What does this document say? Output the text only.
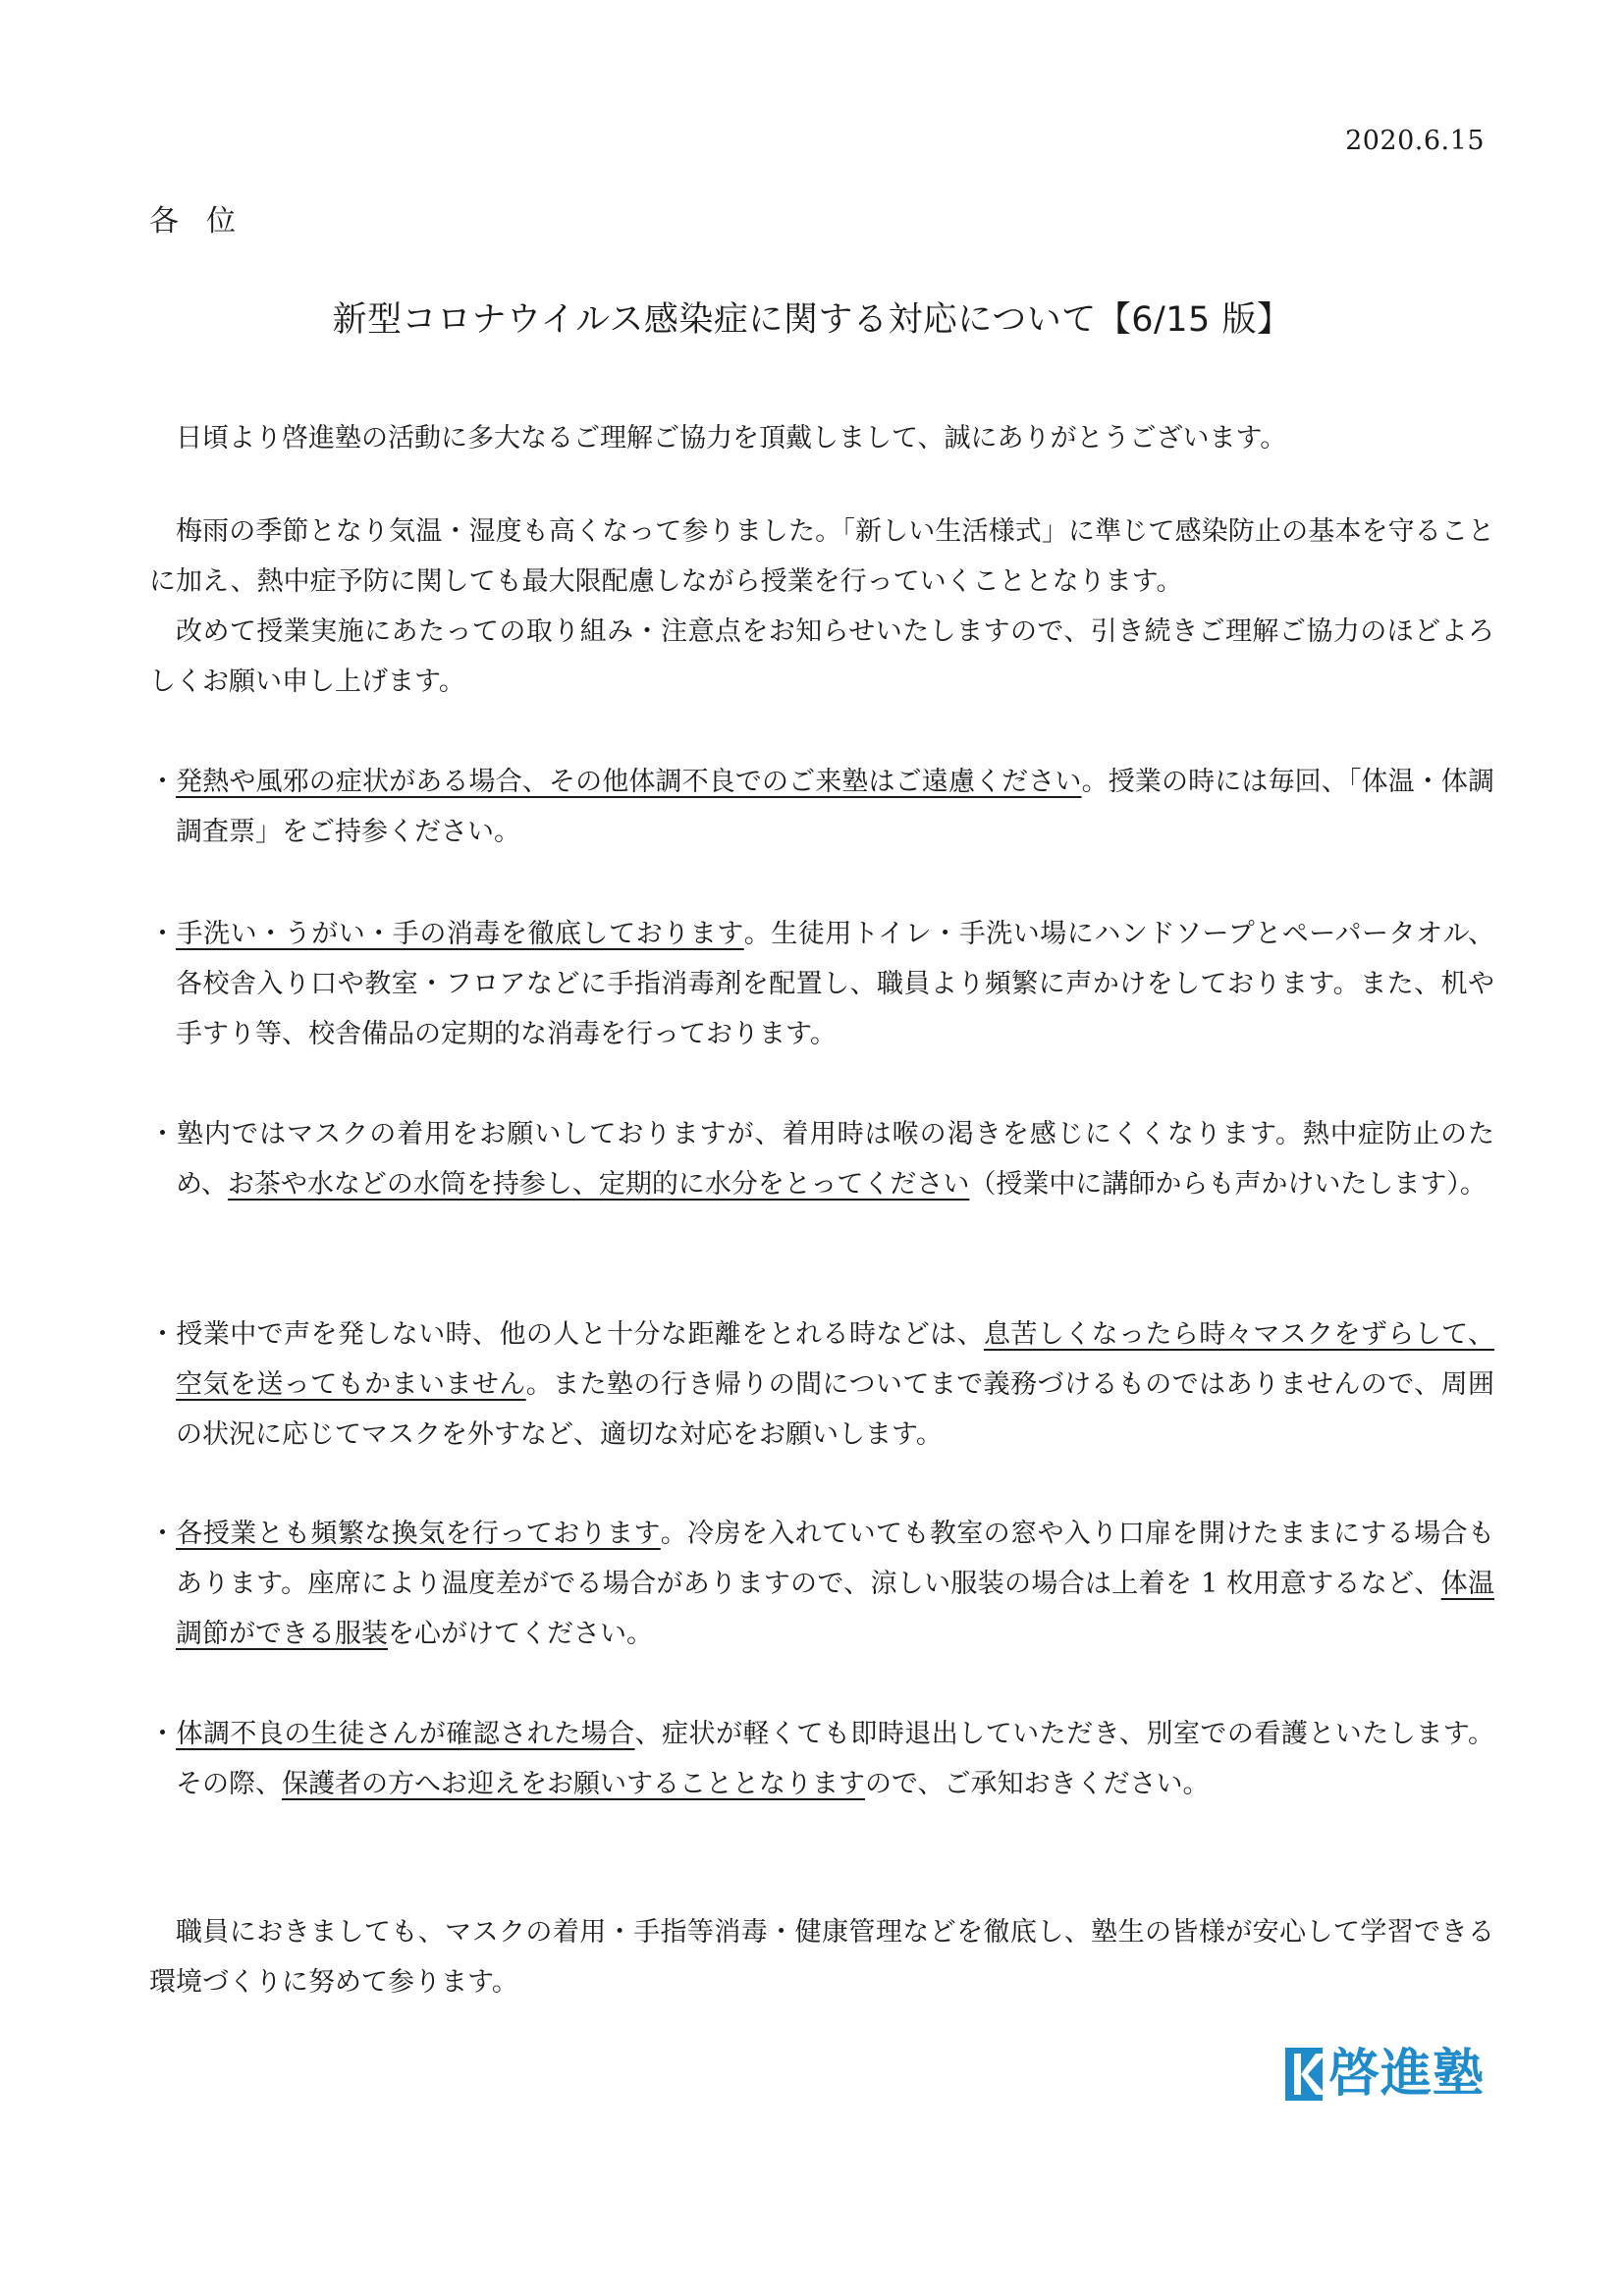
2020.6.15
各位
新型コロナウイルス感染症に関する対応について【6/15 版】
日頃より啓進塾の活動に多大なるご理解ご協力を頂戴しまして、誠にありがとうございます。
梅雨の季節となり気温・湿度も高くなって参りました。「新しい生活様式」に準じて感染防止の基本を守ることに加え、熱中症予防に関しても最大限配慮しながら授業を行っていくこととなります。
改めて授業実施にあたっての取り組み・注意点をお知らせいたしますので、引き続きご理解ご協力のほどよろしくお願い申し上げます。
・発熱や風邪の症状がある場合、その他体調不良でのご来塾はご遠慮ください。授業の時には毎回、「体温・体調調査票」をご持参ください。
・手洗い・うがい・手の消毒を徹底しております。生徒用トイレ・手洗い場にハンドソープとペーパータオル、各校舎入り口や教室・フロアなどに手指消毒剤を配置し、職員より頻繁に声かけをしております。また、机や手すり等、校舎備品の定期的な消毒を行っております。
・塾内ではマスクの着用をお願いしておりますが、着用時は喉の渇きを感じにくくなります。熱中症防止のため、お茶や水などの水筒を持参し、定期的に水分をとってください（授業中に講師からも声かけいたします）。
・授業中で声を発しない時、他の人と十分な距離をとれる時などは、息苦しくなったら時々マスクをずらして、空気を送ってもかまいません。また塾の行き帰りの間についてまで義務づけるものではありませんので、周囲の状況に応じてマスクを外すなど、適切な対応をお願いします。
・各授業とも頻繁な換気を行っております。冷房を入れていても教室の窓や入り口扉を開けたままにする場合もあります。座席により温度差がでる場合がありますので、涼しい服装の場合は上着を 1 枚用意するなど、体温調節ができる服装を心がけてください。
・体調不良の生徒さんが確認された場合、症状が軽くても即時退出していただき、別室での看護といたします。その際、保護者の方へお迎えをお願いすることとなりますので、ご承知おきください。
職員におきましても、マスクの着用・手指等消毒・健康管理などを徹底し、塾生の皆様が安心して学習できる環境づくりに努めて参ります。
啓進塾
